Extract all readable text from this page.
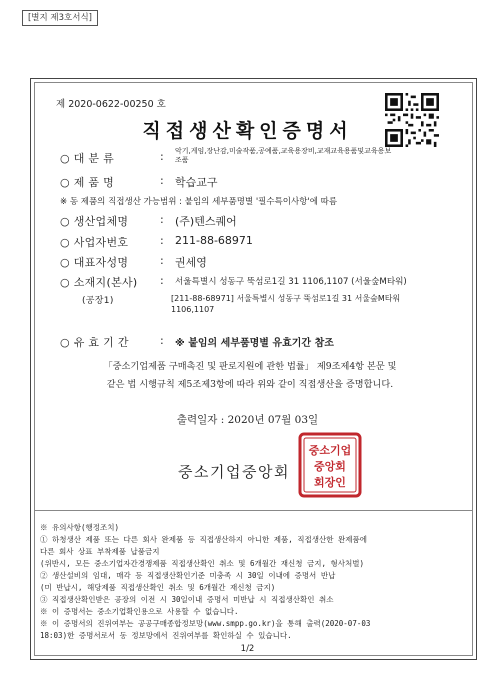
[별지 제3호서식]
제 2020-0622-00250 호
직접생산확인증명서
○ 대 분 류	: 악기,게임,장난감,미술작품,공예품,교육용장비,교재교육용품및교육용보조품
○ 제 품 명	: 학습교구
※ 동 제품의 직접생산 가능범위 : 붙임의 세부품명별 '필수특이사항'에 따름
○ 생산업체명	: (주)텐스퀘어
○ 사업자번호	: 211-88-68971
○ 대표자성명	: 권세영
○ 소재지(본사)	: 서울특별시 성동구 뚝섬로1길 31 1106,1107 (서울숲M타워)
(공장1)	[211-88-68971] 서울특별시 성동구 뚝섬로1길 31 서울숲M타워 1106,1107
○ 유 효 기 간	: ※ 붙임의 세부품명별 유효기간 참조
「중소기업제품 구매촉진 및 판로지원에 관한 법률」 제9조제4항 본문 및
같은 법 시행규칙 제5조제3항에 따라 위와 같이 직접생산을 증명합니다.
출력일자 : 2020년 07월 03일
중소기업중앙회
중소기업
중앙회
회장인
※ 유의사항(행정조치)
① 하청생산 제품 또는 다른 회사 완제품 등 직접생산하지 아니한 제품, 직접생산한 완제품에
다른 회사 상표 부착제품 납품금지
(위반시, 모든 중소기업자간경쟁제품 직접생산확인 취소 및 6개월간 재신청 금지, 형사처벌)
② 생산설비의 임대, 매각 등 직접생산확인기준 미충족 시 30일 이내에 증명서 반납
(미 반납시, 해당제품 직접생산확인 취소 및 6개월간 재신청 금지)
③ 직접생산확인받은 공장의 이전 시 30일이내 증명서 미반납 시 직접생산확인 취소
※ 이 증명서는 중소기업확인용으로 사용할 수 없습니다.
※ 이 증명서의 진위여부는 공공구매종합정보망(www.smpp.go.kr)을 통해 출력(2020-07-03
18:03)한 증명서로서 동 정보망에서 진위여부를 확인하실 수 있습니다.
1/2
